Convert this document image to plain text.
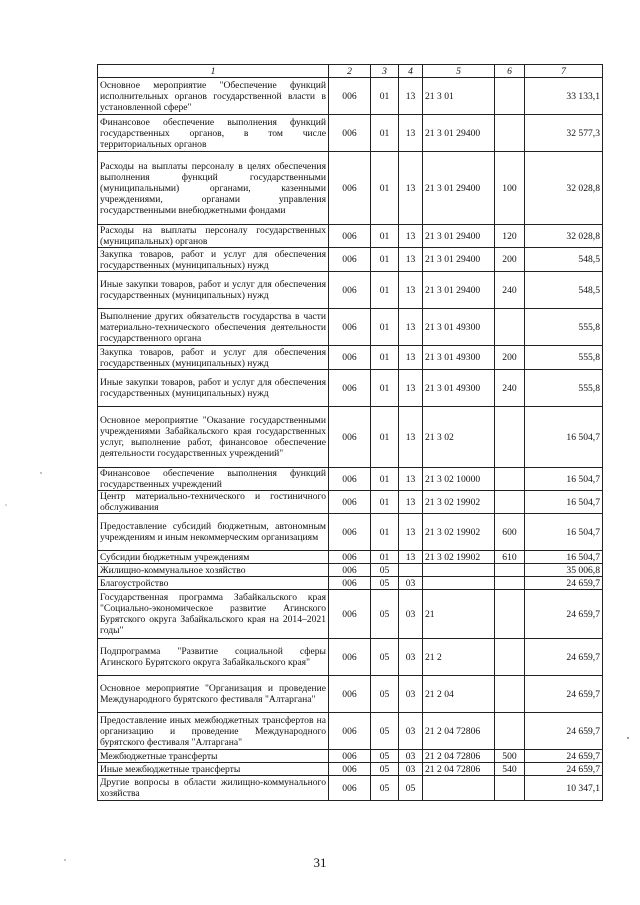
1	2	3	4	5	6	7
Основное мероприятие "Обеспечение функций исполнительных органов государственной власти в установленной сфере"	006	01	13	21 3 01		33 133,1
Финансовое обеспечение выполнения функций государственных органов, в том числе территориальных органов	006	01	13	21 3 01 29400		32 577,3
Расходы на выплаты персоналу в целях обеспечения выполнения функций государственными (муниципальными) органами, казенными учреждениями, органами управления государственными внебюджетными фондами	006	01	13	21 3 01 29400	100	32 028,8
Расходы на выплаты персоналу государственных (муниципальных) органов	006	01	13	21 3 01 29400	120	32 028,8
Закупка товаров, работ и услуг для обеспечения государственных (муниципальных) нужд	006	01	13	21 3 01 29400	200	548,5
Иные закупки товаров, работ и услуг для обеспечения государственных (муниципальных) нужд	006	01	13	21 3 01 29400	240	548,5
Выполнение других обязательств государства в части материально-технического обеспечения деятельности государственного органа	006	01	13	21 3 01 49300		555,8
Закупка товаров, работ и услуг для обеспечения государственных (муниципальных) нужд	006	01	13	21 3 01 49300	200	555,8
Иные закупки товаров, работ и услуг для обеспечения государственных (муниципальных) нужд	006	01	13	21 3 01 49300	240	555,8
Основное мероприятие "Оказание государственными учреждениями Забайкальского края государственных услуг, выполнение работ, финансовое обеспечение деятельности государственных учреждений"	006	01	13	21 3 02		16 504,7
Финансовое обеспечение выполнения функций государственных учреждений	006	01	13	21 3 02 10000		16 504,7
Центр материально-технического и гостиничного обслуживания	006	01	13	21 3 02 19902		16 504,7
Предоставление субсидий бюджетным, автономным учреждениям и иным некоммерческим организациям	006	01	13	21 3 02 19902	600	16 504,7
Субсидии бюджетным учреждениям	006	01	13	21 3 02 19902	610	16 504,7
Жилищно-коммунальное хозяйство	006	05				35 006,8
Благоустройство	006	05	03			24 659,7
Государственная программа Забайкальского края "Социально-экономическое развитие Агинского Бурятского округа Забайкальского края на 2014–2021 годы"	006	05	03	21		24 659,7
Подпрограмма "Развитие социальной сферы Агинского Бурятского округа Забайкальского края"	006	05	03	21 2		24 659,7
Основное мероприятие "Организация и проведение Международного бурятского фестиваля "Алтаргана"	006	05	03	21 2 04		24 659,7
Предоставление иных межбюджетных трансфертов на организацию и проведение Международного бурятского фестиваля "Алтаргана"	006	05	03	21 2 04 72806		24 659,7
Межбюджетные трансферты	006	05	03	21 2 04 72806	500	24 659,7
Иные межбюджетные трансферты	006	05	03	21 2 04 72806	540	24 659,7
Другие вопросы в области жилищно-коммунального хозяйства	006	05	05			10 347,1
31
